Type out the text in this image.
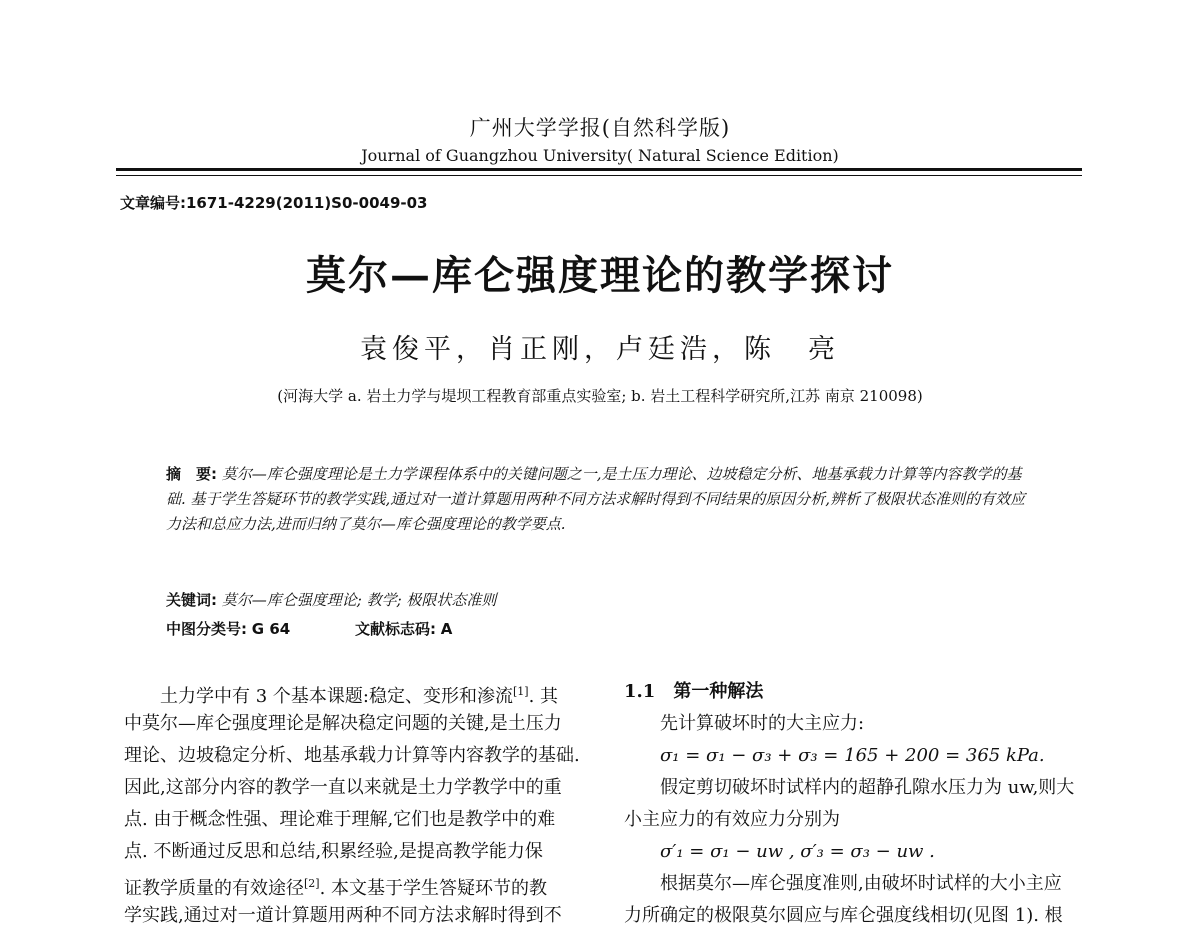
广州大学学报(自然科学版)
Journal of Guangzhou University( Natural Science Edition)
文章编号:1671-4229(2011)S0-0049-03
莫尔—库仑强度理论的教学探讨
袁俊平，肖正刚，卢廷浩，陈　亮
(河海大学 a. 岩土力学与堤坝工程教育部重点实验室; b. 岩土工程科学研究所,江苏 南京 210098)
摘　要: 莫尔—库仑强度理论是土力学课程体系中的关键问题之一,是土压力理论、边坡稳定分析、地基承载力计算等内容教学的基础. 基于学生答疑环节的教学实践,通过对一道计算题用两种不同方法求解时得到不同结果的原因分析,辨析了极限状态准则的有效应力法和总应力法,进而归纳了莫尔—库仑强度理论的教学要点.
关键词: 莫尔—库仑强度理论; 教学; 极限状态准则
中图分类号: G 64	文献标志码: A
　　土力学中有 3 个基本课题:稳定、变形和渗流[1]. 其
中莫尔—库仑强度理论是解决稳定问题的关键,是土压力
理论、边坡稳定分析、地基承载力计算等内容教学的基础.
因此,这部分内容的教学一直以来就是土力学教学中的重
点. 由于概念性强、理论难于理解,它们也是教学中的难
点. 不断通过反思和总结,积累经验,是提高教学能力保
证教学质量的有效途径[2]. 本文基于学生答疑环节的教
学实践,通过对一道计算题用两种不同方法求解时得到不
1.1　第一种解法
　　先计算破坏时的大主应力:
σ₁ = σ₁ − σ₃ + σ₃ = 165 + 200 = 365 kPa.
　　假定剪切破坏时试样内的超静孔隙水压力为 uw,则大
小主应力的有效应力分别为
σ′₁ = σ₁ − uw , σ′₃ = σ₃ − uw .
　　根据莫尔—库仑强度准则,由破坏时试样的大小主应
力所确定的极限莫尔圆应与库仑强度线相切(见图 1). 根
